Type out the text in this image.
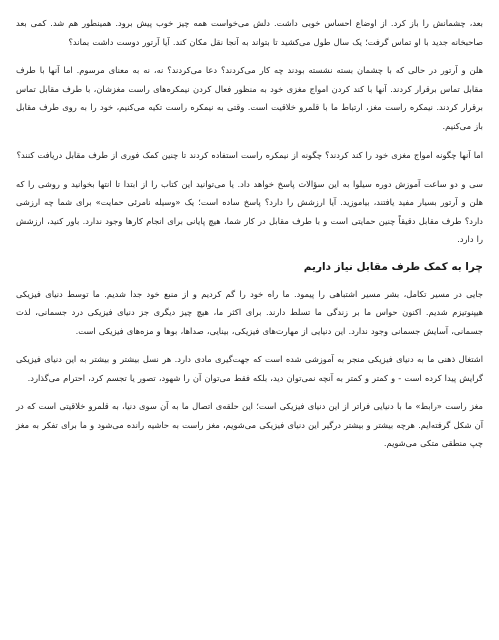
بعد، چشمانش را باز کرد. از اوضاع احساس خوبی داشت. دلش می‌خواست همه چیز خوب پیش برود. همینطور هم شد. کمی بعد صاحبخانه جدید با او تماس گرفت؛ یک سال طول می‌کشید تا بتواند به آنجا نقل مکان کند. آیا آرتور دوست داشت بماند؟

هلن و آرتور در حالی که با چشمان بسته نشسته بودند چه کار می‌کردند؟ دعا می‌کردند؟ نه، نه به معنای مرسوم. اما آنها با طرف مقابل تماس برقرار کردند. آنها با کند کردن امواج مغزی خود به منظور فعال کردن نیمکره‌های راست مغزشان، با طرف مقابل تماس برقرار کردند. نیمکره راست مغز، ارتباط ما با قلمرو خلاقیت است. وقتی به نیمکره راست تکیه می‌کنیم، خود را به روی طرف مقابل باز می‌کنیم.

اما آنها چگونه امواج مغزی خود را کند کردند؟ چگونه از نیمکره راست استفاده کردند تا چنین کمک فوری از طرف مقابل دریافت کنند؟

سی و دو ساعت آموزش دوره سیلوا به این سؤالات پاسخ خواهد داد. یا می‌توانید این کتاب را از ابتدا تا انتها بخوانید و روشی را که هلن و آرتور بسیار مفید یافتند، بیاموزید. آیا ارزشش را دارد؟ پاسخ ساده است؛ یک «وسیله نامرئی حمایت» برای شما چه ارزشی دارد؟ طرف مقابل دقیقاً چنین حمایتی است و با طرف مقابل در کار شما، هیچ پایانی برای انجام کارها وجود ندارد. باور کنید، ارزشش را دارد.

چرا به کمک طرف مقابل نیاز داریم

جایی در مسیر تکامل، بشر مسیر اشتباهی را پیمود. ما راه خود را گم کردیم و از منبع خود جدا شدیم. ما توسط دنیای فیزیکی هیپنوتیزم شدیم. اکنون حواس ما بر زندگی ما تسلط دارند. برای اکثر ما، هیچ چیز دیگری جز دنیای فیزیکی درد جسمانی، لذت جسمانی، آسایش جسمانی وجود ندارد. این دنیایی از مهارت‌های فیزیکی، بینایی، صداها، بوها و مزه‌های فیزیکی است.

اشتغال ذهنی ما به دنیای فیزیکی منجر به آموزشی شده است که جهت‌گیری مادی دارد. هر نسل بیشتر و بیشتر به این دنیای فیزیکی گرایش پیدا کرده است - و کمتر و کمتر به آنچه نمی‌توان دید، بلکه فقط می‌توان آن را شهود، تصور یا تجسم کرد، احترام می‌گذارد.

مغز راست «رابط» ما با دنیایی فراتر از این دنیای فیزیکی است؛ این حلقه‌ی اتصال ما به آن سوی دنیا، به قلمرو خلاقیتی است که در آن شکل گرفته‌ایم. هرچه بیشتر و بیشتر درگیر این دنیای فیزیکی می‌شویم، مغز راست به حاشیه رانده می‌شود و ما برای تفکر به مغز چپ منطقی متکی می‌شویم.
